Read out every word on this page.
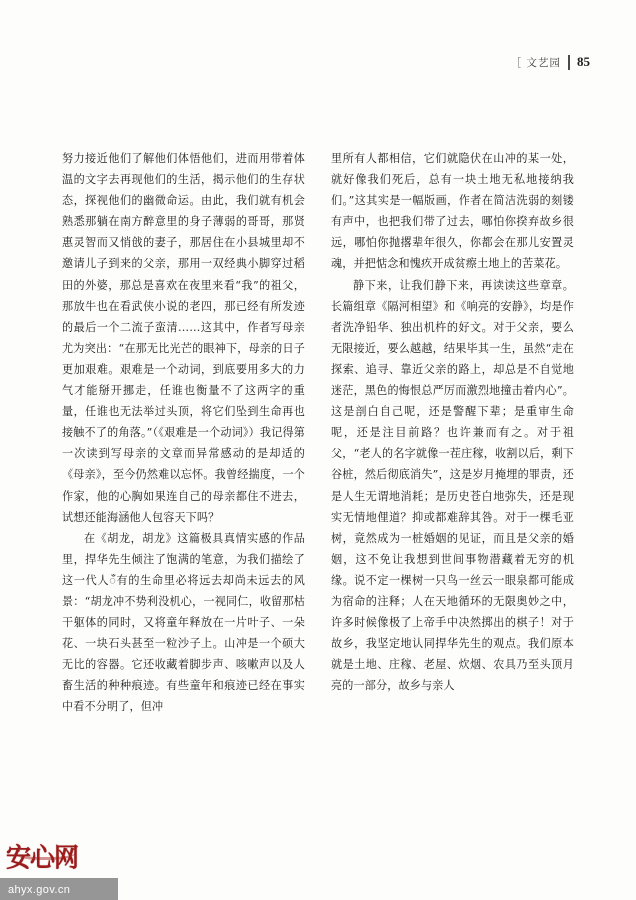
［ 文艺园 85

努力接近他们了解他们体悟他们，进而用带着体温的文字去再现他们的生活，揭示他们的生存状态，探视他们的幽微命运。由此，我们就有机会熟悉那躺在南方醉意里的身子薄弱的哥哥，那贤惠灵智而又悄戗的妻子，那居住在小县城里却不邀请儿子到来的父亲，那用一双经典小脚穿过稻田的外婆，那总是喜欢在夜里来看“我”的祖父，那放牛也在看武侠小说的老四，那已经有所发迹的最后一个二流子蛮清……这其中，作者写母亲尤为突出：“在那无比光芒的眼神下，母亲的日子更加艰难。艰难是一个动词，到底要用多大的力气才能掰开挪走，任谁也衡量不了这两字的重量，任谁也无法举过头顶，将它们坠到生命再也接触不了的角落。”（《艰难是一个动词》）我记得第一次读到写母亲的文章而异常感动的是却适的《母亲》，至今仍然难以忘怀。我曾经揣度，一个作家，他的心胸如果连自己的母亲都住不进去，试想还能海涵他人包容天下吗？

在《胡龙，胡龙》这篇极具真情实感的作品里，捍华先生倾注了饱满的笔意，为我们描绘了这一代人ँ有的生命里必将远去却尚未远去的风景：“胡龙冲不势利没机心，一视同仁，收留那枯干躯体的同时，又将童年释放在一片叶子、一朵花、一块石头甚至一粒沙子上。山冲是一个硕大无比的容器。它还收藏着脚步声、咳嗽声以及人畜生活的种种痕迹。有些童年和痕迹已经在事实中看不分明了，但冲

里所有人都相信，它们就隐伏在山冲的某一处，就好像我们死后，总有一块土地无私地接纳我们。”这其实是一幅版画，作者在简洁洗弱的刻镂有声中，也把我们带了过去，哪怕你揆弃故乡很远，哪怕你抛撂辈年很久，你都会在那儿安置灵魂，并把惦念和愧疚开成贫瘵土地上的苦菜花。

静下来，让我们静下来，再读读这些章章。长篇组章《隔河相望》和《响亮的安静》，均是作者洗净铅华、独出机杵的好文。对于父亲，要么无限接近，要么越越，结果毕其一生，虽然“走在探索、追寻、靠近父亲的路上，却总是不自觉地迷茫，黑色的悔恨总严厉而激烈地撞击着内心”。这是剖白自己呢，还是警醒下辈；是重审生命呢，还是注目前路？也许兼而有之。对于祖父，“老人的名字就像一茬庄稼，收割以后，剩下谷桩，然后彻底消失”，这是岁月掩埋的罪责，还是人生无谓地消耗；是历史苍白地弥失，还是现实无情地俚道？抑或都难辞其咎。对于一棵毛亚树，竟然成为一桩婚姻的见证，而且是父亲的婚姻，这不免让我想到世间事物潜藏着无穷的机缘。说不定一棵树一只鸟一丝云一眼泉都可能成为宿命的注释；人在天地循环的无限奥妙之中，许多时候像极了上帝手中决然掷出的棋子！对于故乡，我坚定地认同捍华先生的观点。我们原本就是土地、庄稼、老屋、炊烟、农具乃至头顶月亮的一部分，故乡与亲人

安心网
ahyx.gov.cn
